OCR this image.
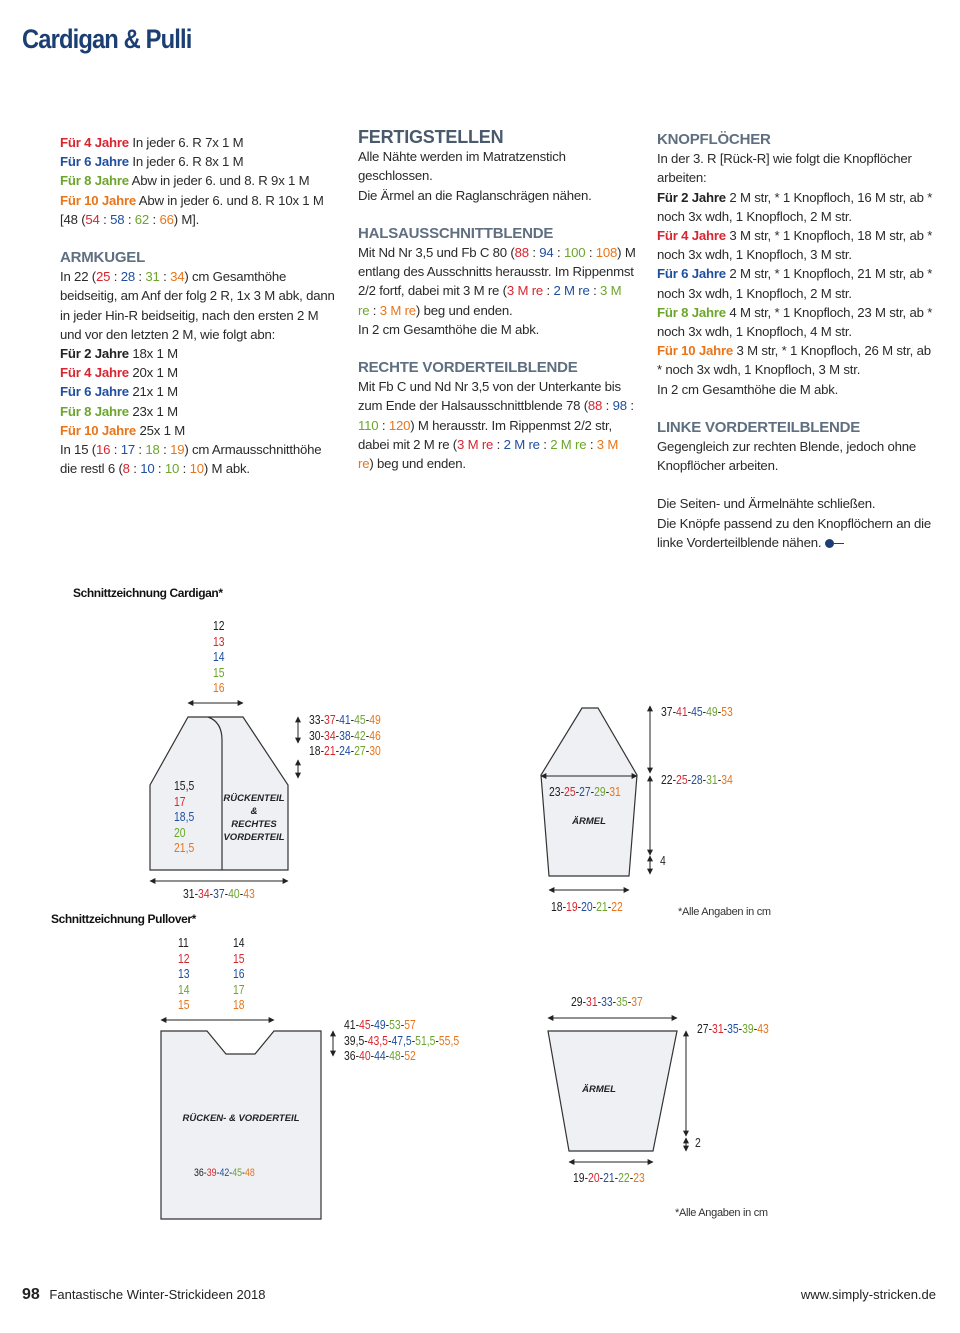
Cardigan & Pulli

Für 4 Jahre In jeder 6. R 7x 1 M

Für 6 Jahre In jeder 6. R 8x 1 M

Für 8 Jahre Abw in jeder 6. und 8. R 9x 1 M

Für 10 Jahre Abw in jeder 6. und 8. R 10x 1 M

[48 (54 : 58 : 62 : 66) M].

ARMKUGEL

In 22 (25 : 28 : 31 : 34) cm Gesamthöhe beidseitig, am Anf der folg 2 R, 1x 3 M abk, dann in jeder Hin-R beidseitig, nach den ersten 2 M und vor den letzten 2 M, wie folgt abn:

Für 2 Jahre 18x 1 M

Für 4 Jahre 20x 1 M

Für 6 Jahre 21x 1 M

Für 8 Jahre 23x 1 M

Für 10 Jahre 25x 1 M

In 15 (16 : 17 : 18 : 19) cm Armausschnitthöhe die restl 6 (8 : 10 : 10 : 10) M abk.

FERTIGSTELLEN

Alle Nähte werden im Matratzenstich geschlossen.

Die Ärmel an die Raglanschrägen nähen.

HALSAUSSCHNITTBLENDE

Mit Nd Nr 3,5 und Fb C 80 (88 : 94 : 100 : 108) M entlang des Ausschnitts herausstr. Im Rippenmst 2/2 fortf, dabei mit 3 M re (3 M re : 2 M re : 3 M re : 3 M re) beg und enden.

In 2 cm Gesamthöhe die M abk.

RECHTE VORDERTEILBLENDE

Mit Fb C und Nd Nr 3,5 von der Unterkante bis zum Ende der Halsausschnittblende 78 (88 : 98 : 110 : 120) M herausstr. Im Rippenmst 2/2 str, dabei mit 2 M re (3 M re : 2 M re : 2 M re : 3 M re) beg und enden.

KNOPFLÖCHER

In der 3. R [Rück-R] wie folgt die Knopflöcher arbeiten:

Für 2 Jahre 2 M str, * 1 Knopfloch, 16 M str, ab * noch 3x wdh, 1 Knopfloch, 2 M str.

Für 4 Jahre 3 M str, * 1 Knopfloch, 18 M str, ab * noch 3x wdh, 1 Knopfloch, 3 M str.

Für 6 Jahre 2 M str, * 1 Knopfloch, 21 M str, ab * noch 3x wdh, 1 Knopfloch, 2 M str.

Für 8 Jahre 4 M str, * 1 Knopfloch, 23 M str, ab * noch 3x wdh, 1 Knopfloch, 4 M str.

Für 10 Jahre 3 M str, * 1 Knopfloch, 26 M str, ab * noch 3x wdh, 1 Knopfloch, 3 M str.

In 2 cm Gesamthöhe die M abk.

LINKE VORDERTEILBLENDE

Gegengleich zur rechten Blende, jedoch ohne Knopflöcher arbeiten.

Die Seiten- und Ärmelnähte schließen.

Die Knöpfe passend zu den Knopflöchern an die linke Vorderteilblende nähen.

Schnittzeichnung Cardigan*
12
13
14
15
16
33-37-41-45-49
30-34-38-42-46
18-21-24-27-30
15,5
17
18,5
20
21,5
RÜCKENTEIL
&
RECHTES
VORDERTEIL
31-34-37-40-43
23-25-27-29-31
ÄRMEL
37-41-45-49-53
22-25-28-31-34
4
18-19-20-21-22	*Alle Angaben in cm
Schnittzeichnung Pullover*
11
12
13
14
15
14
15
16
17
18
41-45-49-53-57
39,5-43,5-47,5-51,5-55,5
36-40-44-48-52
RÜCKEN- & VORDERTEIL
36-39-42-45-48
29-31-33-35-37
ÄRMEL
27-31-35-39-43
2
19-20-21-22-23
*Alle Angaben in cm
98 Fantastische Winter-Strickideen 2018	www.simply-stricken.de
